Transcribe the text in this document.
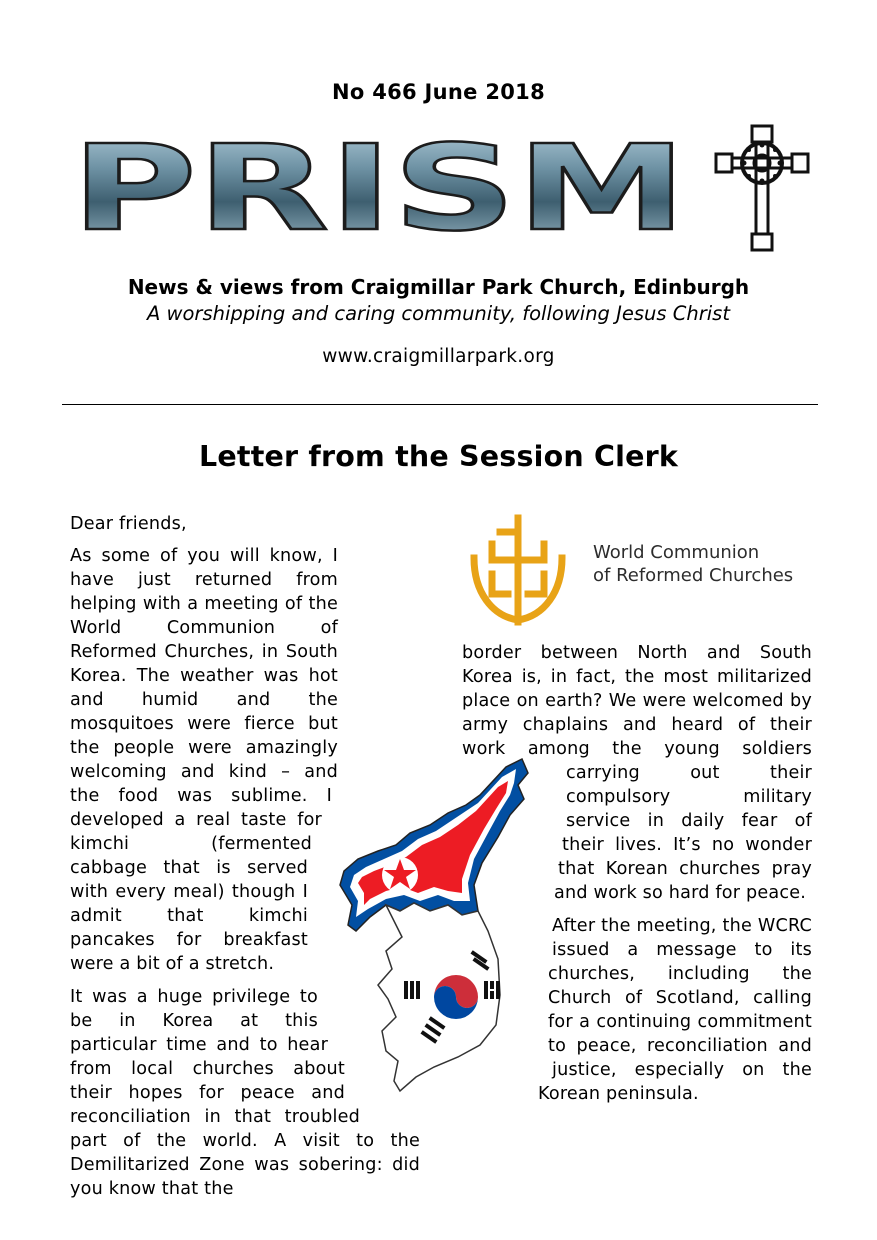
No 466 June 2018
PRISM
News & views from Craigmillar Park Church, Edinburgh
A worshipping and caring community, following Jesus Christ
www.craigmillarpark.org
Letter from the Session Clerk
Dear friends,

As some of you will know, I have just returned from helping with a meeting of the World Communion of Reformed Churches, in South Korea. The weather was hot and humid and the mosquitoes were fierce but the people were amazingly welcoming and kind – and the food was sublime. I developed a real taste for kimchi (fermented cabbage that is served with every meal) though I admit that kimchi pancakes for breakfast were a bit of a stretch.

It was a huge privilege to be in Korea at this particular time and to hear from local churches about their hopes for peace and reconciliation in that troubled part of the world. A visit to the Demilitarized Zone was sobering: did you know that the

World Communion
of Reformed Churches

border between North and South Korea is, in fact, the most militarized place on earth? We were welcomed by army chaplains and heard of their work among the young soldiers carrying out their compulsory military service in daily fear of their lives. It’s no wonder that Korean churches pray and work so hard for peace.

After the meeting, the WCRC issued a message to its churches, including the Church of Scotland, calling for a continuing commitment to peace, reconciliation and justice, especially on the Korean peninsula.
